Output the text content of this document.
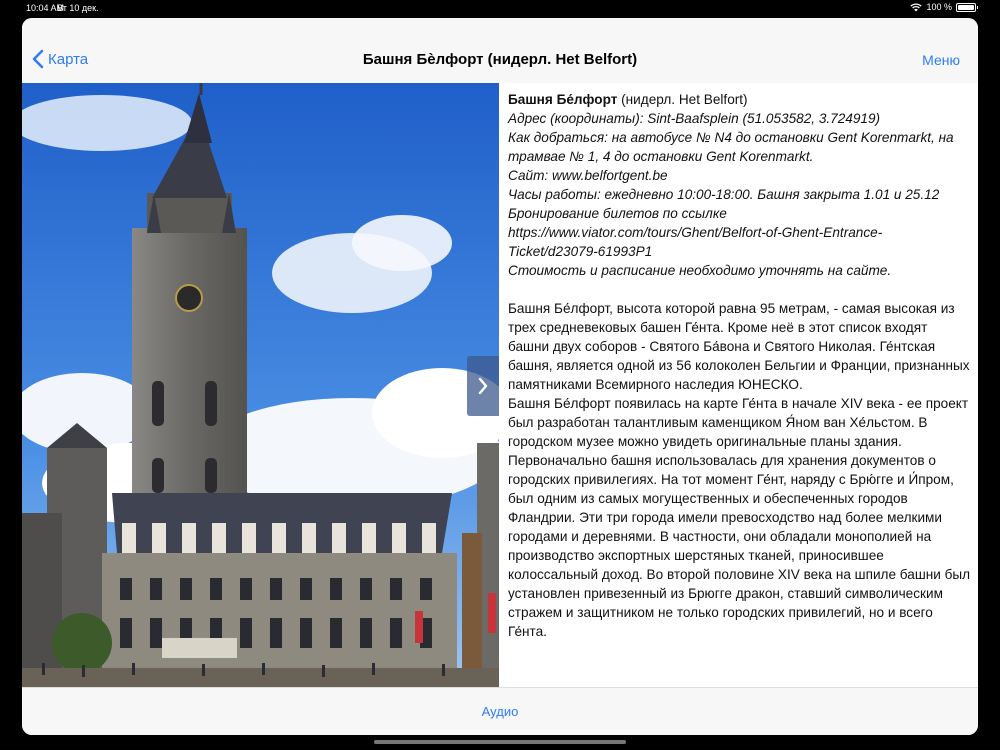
10:04 AM
Вт 10 дек.	100 %
Карта	Башня Бѐлфорт (нидерл. Het Belfort)	Меню

Башня Бе́лфорт (нидерл. Het Belfort)

Адрес (координаты): Sint-Baafsplein (51.053582, 3.724919)

Как добраться: на автобусе № N4 до остановки Gent Korenmarkt, на трамвае № 1, 4 до остановки Gent Korenmarkt.

Сайт: www.belfortgent.be

Часы работы: ежедневно 10:00-18:00. Башня закрыта 1.01 и 25.12

Бронирование билетов по ссылке https://www.viator.com/tours/Ghent/Belfort-of-Ghent-Entrance-Ticket/d23079-61993P1

Стоимость и расписание необходимо уточнять на сайте.

Башня Бе́лфорт, высота которой равна 95 метрам, - самая высокая из трех средневековых башен Ге́нта. Кроме неё в этот список входят башни двух соборов - Святого Ба́вона и Святого Николая. Ге́нтская башня, является одной из 56 колоколен Бельгии и Франции, признанных памятниками Всемирного наследия ЮНЕСКО.

Башня Бе́лфорт появилась на карте Ге́нта в начале XIV века - ее проект был разработан талантливым каменщиком Я́ном ван Хе́льстом. В городском музее можно увидеть оригинальные планы здания. Первоначально башня использовалась для хранения документов о городских привилегиях. На тот момент Ге́нт, наряду с Брю́гге и И́пром, был одним из самых могущественных и обеспеченных городов Фландрии. Эти три города имели превосходство над более мелкими городами и деревнями. В частности, они обладали монополией на производство экспортных шерстяных тканей, приносившее колоссальный доход. Во второй половине XIV века на шпиле башни был установлен привезенный из Брюгге дракон, ставший символическим стражем и защитником не только городских привилегий, но и всего Ге́нта.

Аудио
